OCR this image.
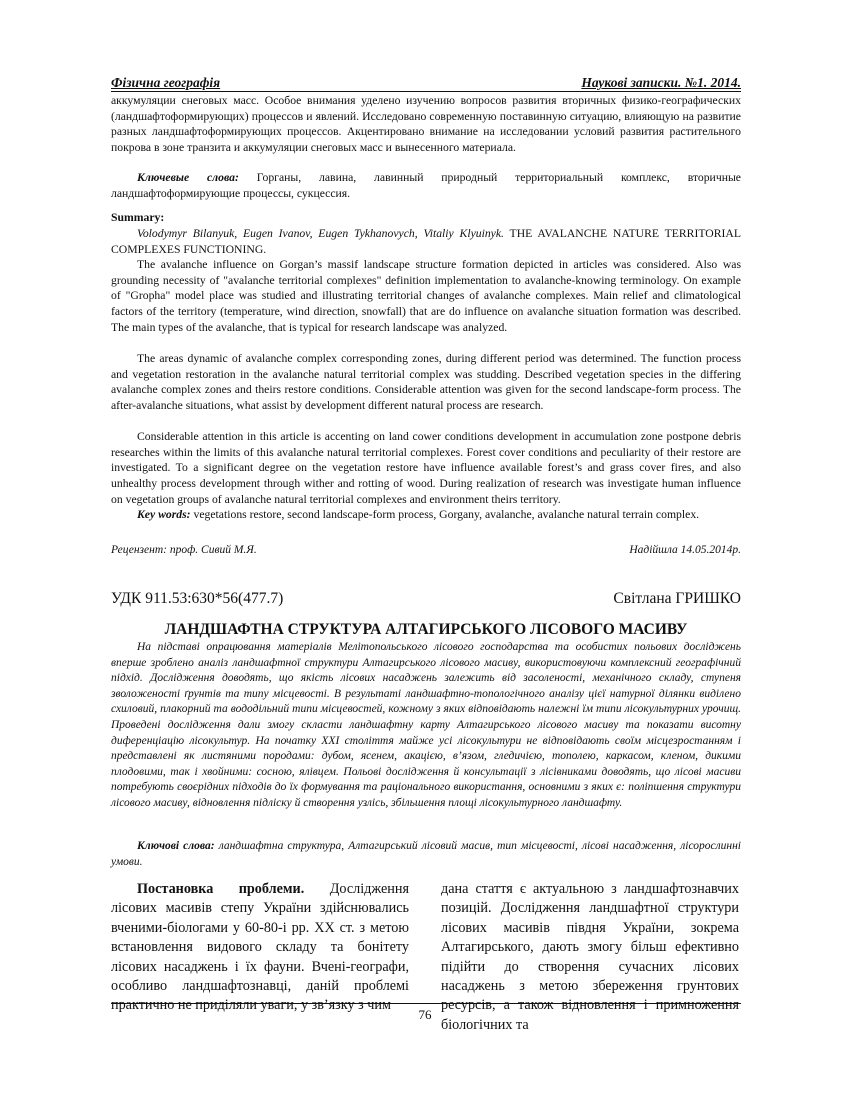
Фізична географія	Наукові записки. №1. 2014.

аккумуляции снеговых масс. Особое внимания уделено изучению вопросов развития вторичных физико-географических (ландшафтоформирующих) процессов и явлений. Исследовано современную поставинную ситуацию, влияющую на развитие разных ландшафтоформирующих процессов. Акцентировано внимание на исследовании условий развития растительного покрова в зоне транзита и аккумуляции снеговых масс и вынесенного материала.

Ключевые слова: Горганы, лавина, лавинный природный территориальный комплекс, вторичные ландшафтоформирующие процессы, сукцессия.

Summary:

Volodymyr Bilanyuk, Eugen Ivanov, Eugen Tykhanovych, Vitaliy Klyuinyk. THE AVALANCHE NATURE TERRITORIAL COMPLEXES FUNCTIONING.

The avalanche influence on Gorgan’s massif landscape structure formation depicted in articles was considered. Also was grounding necessity of "avalanche territorial complexes" definition implementation to avalanche-knowing terminology. On example of "Gropha" model place was studied and illustrating territorial changes of avalanche complexes. Main relief and climatological factors of the territory (temperature, wind direction, snowfall) that are do influence on avalanche situation formation was described. The main types of the avalanche, that is typical for research landscape was analyzed.

The areas dynamic of avalanche complex corresponding zones, during different period was determined. The function process and vegetation restoration in the avalanche natural territorial complex was studding. Described vegetation species in the differing avalanche complex zones and theirs restore conditions. Considerable attention was given for the second landscape-form process. The after-avalanche situations, what assist by development different natural process are research.

Considerable attention in this article is accenting on land cower conditions development in accumulation zone postpone debris researches within the limits of this avalanche natural territorial complexes. Forest cover conditions and peculiarity of their restore are investigated. To a significant degree on the vegetation restore have influence available forest’s and grass cover fires, and also unhealthy process development through wither and rotting of wood. During realization of research was investigate human influence on vegetation groups of avalanche natural territorial complexes and environment theirs territory.

Key words: vegetations restore, second landscape-form process, Gorgany, avalanche, avalanche natural terrain complex.

Рецензент: проф. Сивий М.Я.	Надійшла 14.05.2014р.
УДК 911.53:630*56(477.7)	Світлана ГРИШКО
ЛАНДШАФТНА СТРУКТУРА АЛТАГИРСЬКОГО ЛІСОВОГО МАСИВУ

На підставі опрацювання матеріалів Мелітопольського лісового господарства та особистих польових досліджень вперше зроблено аналіз ландшафтної структури Алтагирського лісового масиву, використовуючи комплексний географічний підхід. Дослідження доводять, що якість лісових насаджень залежить від засоленості, механічного складу, ступеня зволоженості ґрунтів та типу місцевості. В результаті ландшафтно-топологічного аналізу цієї натурної ділянки виділено схиловий, плакорний та вододільний типи місцевостей, кожному з яких відповідають належні їм типи лісокультурних урочищ. Проведені дослідження дали змогу скласти ландшафтну карту Алтагирського лісового масиву та показати висотну диференціацію лісокультур. На початку ХХІ століття майже усі лісокультури не відповідають своїм місцезростанням і представлені як листяними породами: дубом, ясенем, акацією, в’язом, гледичією, тополею, каркасом, кленом, дикими плодовими, так і хвойними: сосною, ялівцем. Польові дослідження й консультації з лісівниками доводять, що лісові масиви потребують своєрідних підходів до їх формування та раціонального використання, основними з яких є: поліпшення структури лісового масиву, відновлення підліску й створення узлісь, збільшення площі лісокультурного ландшафту.

Ключові слова: ландшафтна структура, Алтагирський лісовий масив, тип місцевості, лісові насадження, лісорослинні умови.

Постановка проблеми. Дослідження лісових масивів степу України здійснювались вченими-біологами у 60-80-і рр. ХХ ст. з метою встановлення видового складу та бонітету лісових насаджень і їх фауни. Вчені-географи, особливо ландшафтознавці, даній проблемі практично не приділяли уваги, у зв’язку з чим

дана стаття є актуальною з ландшафтознавчих позицій. Дослідження ландшафтної структури лісових масивів півдня України, зокрема Алтагирського, дають змогу більш ефективно підійти до створення сучасних лісових насаджень з метою збереження грунтових ресурсів, а також відновлення і примноження біологічних та

76
